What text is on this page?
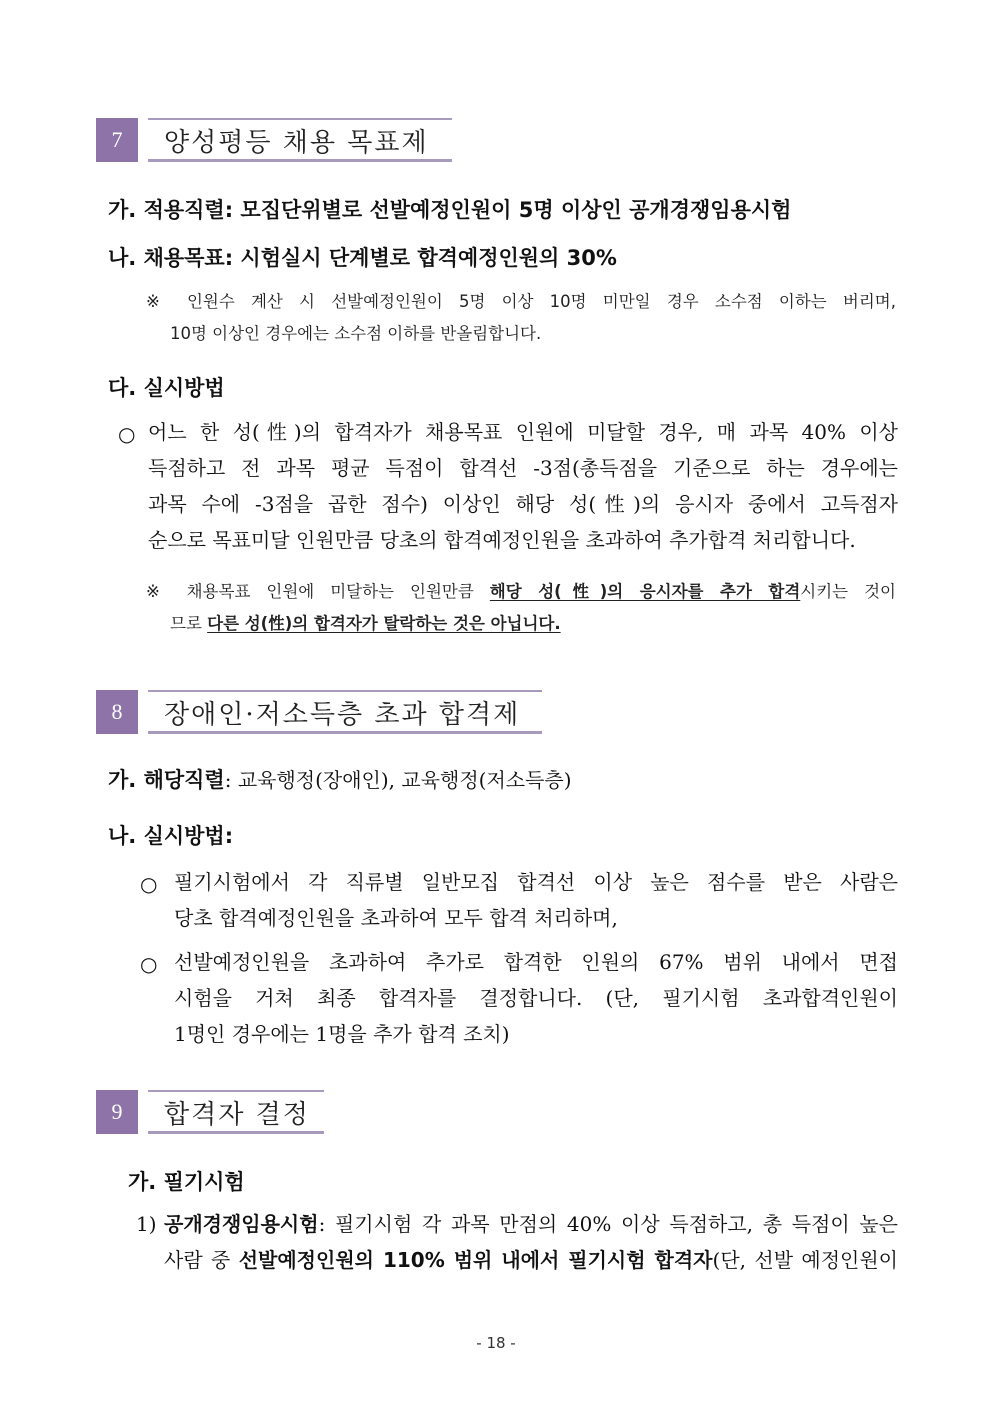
7	양성평등 채용 목표제
가. 적용직렬: 모집단위별로 선발예정인원이 5명 이상인 공개경쟁임용시험
나. 채용목표: 시험실시 단계별로 합격예정인원의 30%
※ 인원수 계산 시 선발예정인원이 5명 이상 10명 미만일 경우 소수점 이하는 버리며,
10명 이상인 경우에는 소수점 이하를 반올림합니다.
다. 실시방법
○ 어느 한 성(性)의 합격자가 채용목표 인원에 미달할 경우, 매 과목 40% 이상
득점하고 전 과목 평균 득점이 합격선 -3점(총득점을 기준으로 하는 경우에는
과목 수에 -3점을 곱한 점수) 이상인 해당 성(性)의 응시자 중에서 고득점자
순으로 목표미달 인원만큼 당초의 합격예정인원을 초과하여 추가합격 처리합니다.
※ 채용목표 인원에 미달하는 인원만큼 해당 성(性)의 응시자를 추가 합격시키는 것이
므로 다른 성(性)의 합격자가 탈락하는 것은 아닙니다.
8	장애인·저소득층 초과 합격제
가. 해당직렬: 교육행정(장애인), 교육행정(저소득층)
나. 실시방법:
○ 필기시험에서 각 직류별 일반모집 합격선 이상 높은 점수를 받은 사람은
당초 합격예정인원을 초과하여 모두 합격 처리하며,
○ 선발예정인원을 초과하여 추가로 합격한 인원의 67% 범위 내에서 면접
시험을 거쳐 최종 합격자를 결정합니다. (단, 필기시험 초과합격인원이
1명인 경우에는 1명을 추가 합격 조치)
9	합격자 결정
가. 필기시험
1) 공개경쟁임용시험: 필기시험 각 과목 만점의 40% 이상 득점하고, 총 득점이 높은
사람 중 선발예정인원의 110% 범위 내에서 필기시험 합격자(단, 선발 예정인원이
- 18 -
